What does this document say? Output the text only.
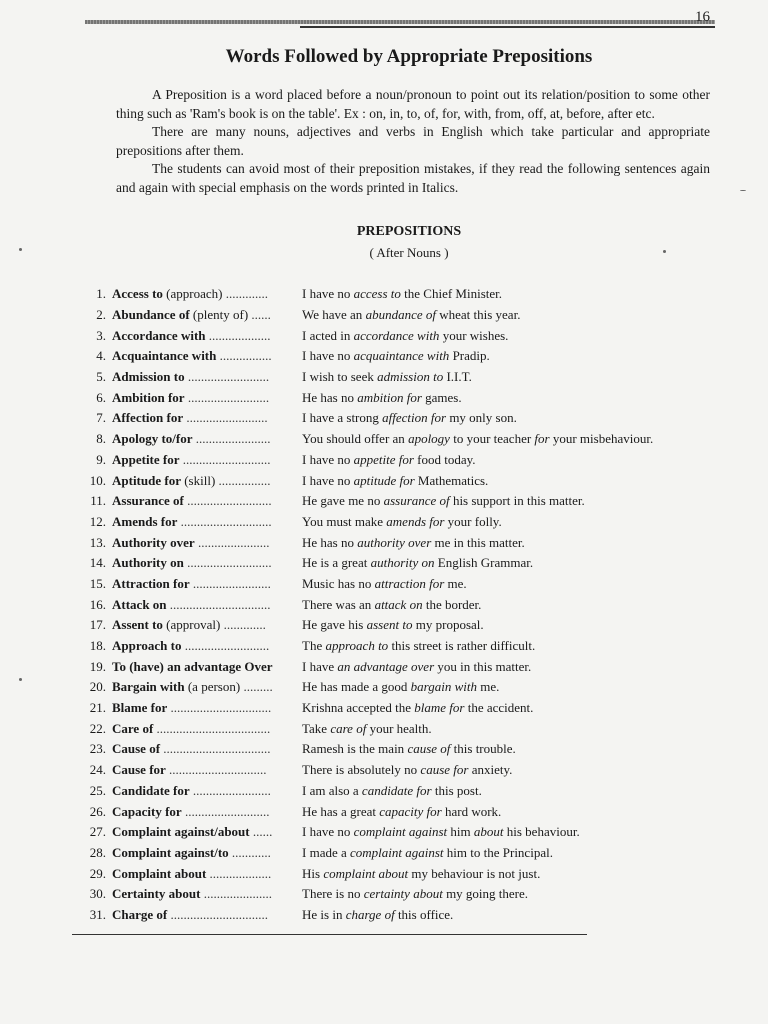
16
Words Followed by Appropriate Prepositions

A Preposition is a word placed before a noun/pronoun to point out its relation/position to some other thing such as 'Ram's book is on the table'. Ex : on, in, to, of, for, with, from, off, at, before, after etc.

There are many nouns, adjectives and verbs in English which take particular and appropriate prepositions after them.

The students can avoid most of their preposition mistakes, if they read the following sentences again and again with special emphasis on the words printed in Italics.

PREPOSITIONS
( After Nouns )
1. Access to (approach) .............	I have no access to the Chief Minister.
2. Abundance of (plenty of) ......	We have an abundance of wheat this year.
3. Accordance with ...................	I acted in accordance with your wishes.
4. Acquaintance with ................	I have no acquaintance with Pradip.
5. Admission to .........................	I wish to seek admission to I.I.T.
6. Ambition for .........................	He has no ambition for games.
7. Affection for .........................	I have a strong affection for my only son.
8. Apology to/for .......................	You should offer an apology to your teacher for your misbehaviour.
9. Appetite for ...........................	I have no appetite for food today.
10. Aptitude for (skill) ................	I have no aptitude for Mathematics.
11. Assurance of ..........................	He gave me no assurance of his support in this matter.
12. Amends for ............................	You must make amends for your folly.
13. Authority over ......................	He has no authority over me in this matter.
14. Authority on ..........................	He is a great authority on English Grammar.
15. Attraction for ........................	Music has no attraction for me.
16. Attack on ...............................	There was an attack on the border.
17. Assent to (approval) .............	He gave his assent to my proposal.
18. Approach to ..........................	The approach to this street is rather difficult.
19. To (have) an advantage Over	I have an advantage over you in this matter.
20. Bargain with (a person) .........	He has made a good bargain with me.
21. Blame for ...............................	Krishna accepted the blame for the accident.
22. Care of ...................................	Take care of your health.
23. Cause of .................................	Ramesh is the main cause of this trouble.
24. Cause for ..............................	There is absolutely no cause for anxiety.
25. Candidate for ........................	I am also a candidate for this post.
26. Capacity for ..........................	He has a great capacity for hard work.
27. Complaint against/about ......	I have no complaint against him about his behaviour.
28. Complaint against/to ............	I made a complaint against him to the Principal.
29. Complaint about ...................	His complaint about my behaviour is not just.
30. Certainty about .....................	There is no certainty about my going there.
31. Charge of ..............................	He is in charge of this office.
